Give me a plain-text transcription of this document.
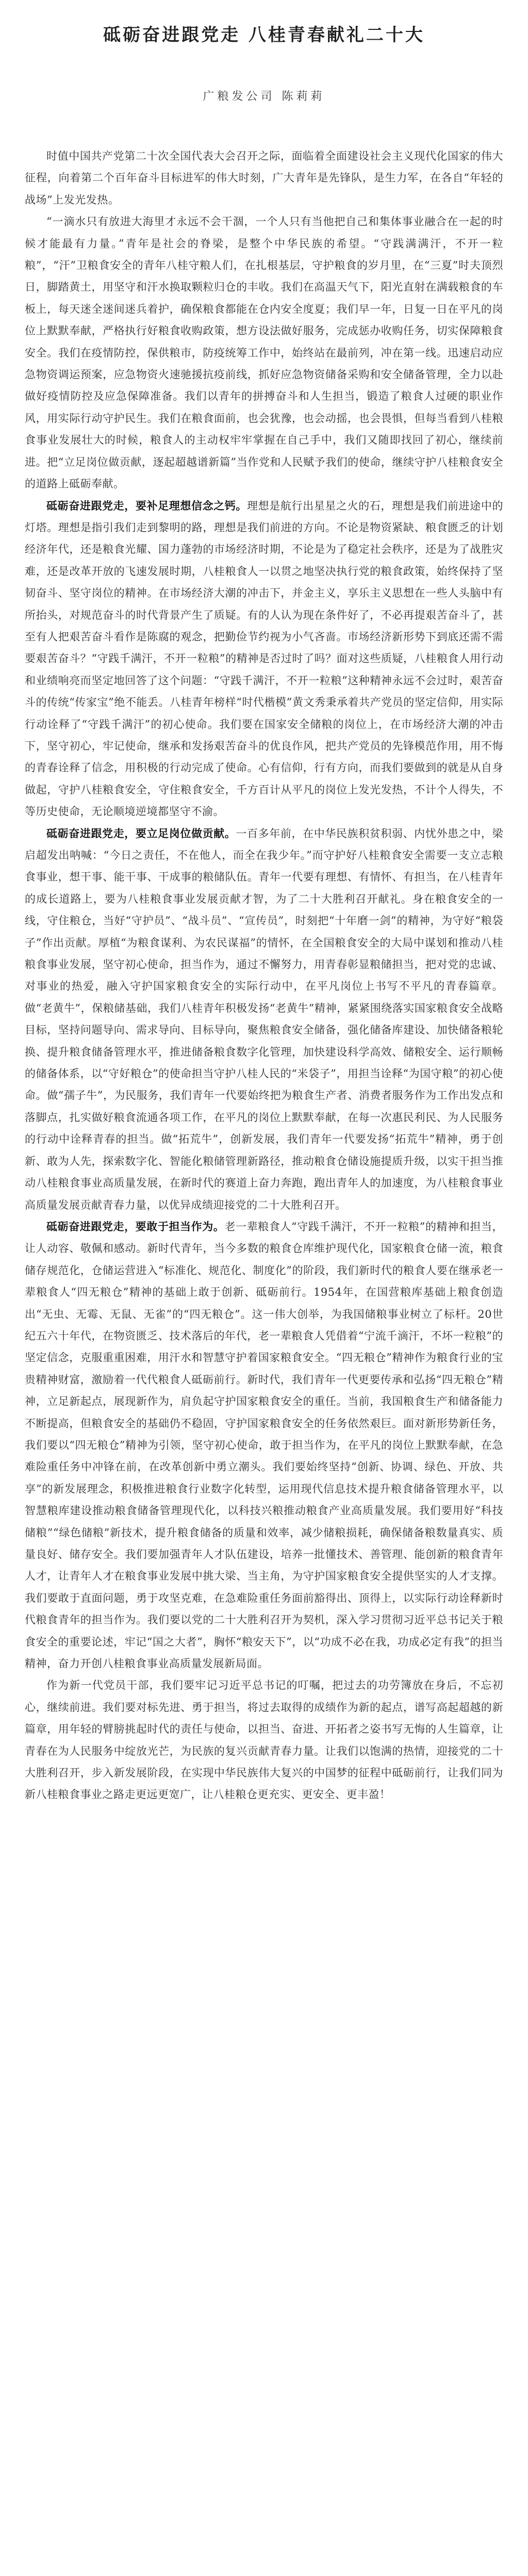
砥砺奋进跟党走 八桂青春献礼二十大
广粮发公司 陈莉莉

时值中国共产党第二十次全国代表大会召开之际，面临着全面建设社会主义现代化国家的伟大征程，向着第二个百年奋斗目标进军的伟大时刻，广大青年是先锋队，是生力军，在各自“年轻的战场”上发光发热。

“一滴水只有放进大海里才永远不会干涸，一个人只有当他把自己和集体事业融合在一起的时候才能最有力量。”青年是社会的脊梁，是整个中华民族的希望。“守践满满汗，不开一粒粮”，“汗”卫粮食安全的青年八桂守粮人们，在扎根基层，守护粮食的岁月里，在“三夏”时夫顶烈日，脚踏黄土，用坚守和汗水换取颗粒归仓的丰收。我们在高温天气下，阳光直射在满载粮食的车板上，每天迷全迷间迷兵着护，确保粮食都能在仓内安全度夏；我们早一年，日复一日在平凡的岗位上默默奉献，严格执行好粮食收购政策，想方设法做好服务，完成惩办收购任务，切实保障粮食安全。我们在疫情防控，保供粮市，防疫统筹工作中，始终站在最前列，冲在第一线。迅速启动应急物资调运预案，应急物资火速驰援抗疫前线，抓好应急物资储备采购和安全储备管理，全力以赴做好疫情防控及应急保障准备。我们以青年的拼搏奋斗和人生担当，锻造了粮食人过硬的职业作风，用实际行动守护民生。我们在粮食面前，也会犹豫，也会动摇，也会畏惧，但每当看到八桂粮食事业发展壮大的时候，粮食人的主动权牢牢掌握在自己手中，我们又随即找回了初心，继续前进。把“立足岗位做贡献，逐起超越谱新篇”当作党和人民赋予我们的使命，继续守护八桂粮食安全的道路上砥砺奉献。

砥砺奋进跟党走，要补足理想信念之钙。理想是航行出星星之火的石，理想是我们前进途中的灯塔。理想是指引我们走到黎明的路，理想是我们前进的方向。不论是物资紧缺、粮食匮乏的计划经济年代，还是粮食光耀、国力蓬勃的市场经济时期，不论是为了稳定社会秩序，还是为了战胜灾难，还是改革开放的飞速发展时期，八桂粮食人一以贯之地坚决执行党的粮食政策，始终保持了坚韧奋斗、坚守岗位的精神。在市场经济大潮的冲击下，并金主义，享乐主义思想在一些人头脑中有所抬头，对规范奋斗的时代背景产生了质疑。有的人认为现在条件好了，不必再提艰苦奋斗了，甚至有人把艰苦奋斗看作是陈腐的观念，把勤俭节约视为小气吝啬。市场经济新形势下到底还需不需要艰苦奋斗？“守践千满汗，不开一粒粮”的精神是否过时了吗？面对这些质疑，八桂粮食人用行动和业绩响亮而坚定地回答了这个问题：“守践千满汗，不开一粒粮”这种精神永远不会过时，艰苦奋斗的传统“传家宝”绝不能丢。八桂青年榜样“时代楷模”黄文秀秉承着共产党员的坚定信仰，用实际行动诠释了“守践千满汗”的初心使命。我们要在国家安全储粮的岗位上，在市场经济大潮的冲击下，坚守初心，牢记使命，继承和发扬艰苦奋斗的优良作风，把共产党员的先锋模范作用，用不悔的青春诠释了信念，用积极的行动完成了使命。心有信仰，行有方向，而我们要做到的就是从自身做起，守护八桂粮食安全，守住粮食安全，千方百计从平凡的岗位上发光发热，不计个人得失，不等历史使命，无论顺境逆境都坚守不渝。

砥砺奋进跟党走，要立足岗位做贡献。一百多年前，在中华民族积贫积弱、内忧外患之中，梁启超发出呐喊：“今日之责任，不在他人，而全在我少年。”而守护好八桂粮食安全需要一支立志粮食事业，想干事、能干事、干成事的粮储队伍。青年一代要有理想、有情怀、有担当，在八桂青年的成长道路上，要为八桂粮食事业发展贡献才智，为了二十大胜利召开献礼。身在粮食安全的一线，守住粮仓，当好“守护员”、“战斗员”、“宣传员”，时刻把“十年磨一剑”的精神，为守好“粮袋子”作出贡献。厚植“为粮食谋利、为农民谋福”的情怀，在全国粮食安全的大局中谋划和推动八桂粮食事业发展，坚守初心使命，担当作为，通过不懈努力，用青春彰显粮储担当，把对党的忠诚、对事业的热爱，融入守护国家粮食安全的实际行动中，在平凡岗位上书写不平凡的青春篇章。做“老黄牛”，保粮储基础，我们八桂青年积极发扬“老黄牛”精神，紧紧围绕落实国家粮食安全战略目标，坚持问题导向、需求导向、目标导向，聚焦粮食安全储备，强化储备库建设、加快储备粮轮换、提升粮食储备管理水平，推进储备粮食数字化管理，加快建设科学高效、储粮安全、运行顺畅的储备体系，以“守好粮仓”的使命担当守护八桂人民的“米袋子”，用担当诠释“为国守粮”的初心使命。做“孺子牛”，为民服务，我们青年一代要始终把为粮食生产者、消费者服务作为工作出发点和落脚点，扎实做好粮食流通各项工作，在平凡的岗位上默默奉献，在每一次惠民利民、为人民服务的行动中诠释青春的担当。做“拓荒牛”，创新发展，我们青年一代要发扬“拓荒牛”精神，勇于创新、敢为人先，探索数字化、智能化粮储管理新路径，推动粮食仓储设施提质升级，以实干担当推动八桂粮食事业高质量发展，在新时代的赛道上奋力奔跑，跑出青年人的加速度，为八桂粮食事业高质量发展贡献青春力量，以优异成绩迎接党的二十大胜利召开。

砥砺奋进跟党走，要敢于担当作为。老一辈粮食人“守践千满汗，不开一粒粮”的精神和担当，让人动容、敬佩和感动。新时代青年，当今多数的粮食仓库维护现代化，国家粮食仓储一流，粮食储存规范化，仓储运营进入“标准化、规范化、制度化”的阶段，我们新时代的粮食人要在继承老一辈粮食人“四无粮仓”精神的基础上敢于创新、砥砺前行。1954年，在国营粮库基础上粮食创造出“无虫、无霉、无鼠、无雀”的“四无粮仓”。这一伟大创举，为我国储粮事业树立了标杆。20世纪五六十年代，在物资匮乏、技术落后的年代，老一辈粮食人凭借着“宁流千滴汗，不坏一粒粮”的坚定信念，克服重重困难，用汗水和智慧守护着国家粮食安全。“四无粮仓”精神作为粮食行业的宝贵精神财富，激励着一代代粮食人砥砺前行。新时代，我们青年一代更要传承和弘扬“四无粮仓”精神，立足新起点，展现新作为，肩负起守护国家粮食安全的重任。当前，我国粮食生产和储备能力不断提高，但粮食安全的基础仍不稳固，守护国家粮食安全的任务依然艰巨。面对新形势新任务，我们要以“四无粮仓”精神为引领，坚守初心使命，敢于担当作为，在平凡的岗位上默默奉献，在急难险重任务中冲锋在前，在改革创新中勇立潮头。我们要始终坚持“创新、协调、绿色、开放、共享”的新发展理念，积极推进粮食行业数字化转型，运用现代信息技术提升粮食储备管理水平，以智慧粮库建设推动粮食储备管理现代化，以科技兴粮推动粮食产业高质量发展。我们要用好“科技储粮”“绿色储粮”新技术，提升粮食储备的质量和效率，减少储粮损耗，确保储备粮数量真实、质量良好、储存安全。我们要加强青年人才队伍建设，培养一批懂技术、善管理、能创新的粮食青年人才，让青年人才在粮食事业发展中挑大梁、当主角，为守护国家粮食安全提供坚实的人才支撑。我们要敢于直面问题，勇于攻坚克难，在急难险重任务面前豁得出、顶得上，以实际行动诠释新时代粮食青年的担当作为。我们要以党的二十大胜利召开为契机，深入学习贯彻习近平总书记关于粮食安全的重要论述，牢记“国之大者”，胸怀“粮安天下”，以“功成不必在我，功成必定有我”的担当精神，奋力开创八桂粮食事业高质量发展新局面。

作为新一代党员干部，我们要牢记习近平总书记的叮嘱，把过去的功劳簿放在身后，不忘初心，继续前进。我们要对标先进、勇于担当，将过去取得的成绩作为新的起点，谱写高起超越的新篇章，用年轻的臂膀挑起时代的责任与使命，以担当、奋进、开拓者之姿书写无悔的人生篇章，让青春在为人民服务中绽放光芒，为民族的复兴贡献青春力量。让我们以饱满的热情，迎接党的二十大胜利召开，步入新发展阶段，在实现中华民族伟大复兴的中国梦的征程中砥砺前行，让我们同为新八桂粮食事业之路走更远更宽广，让八桂粮仓更充实、更安全、更丰盈！
